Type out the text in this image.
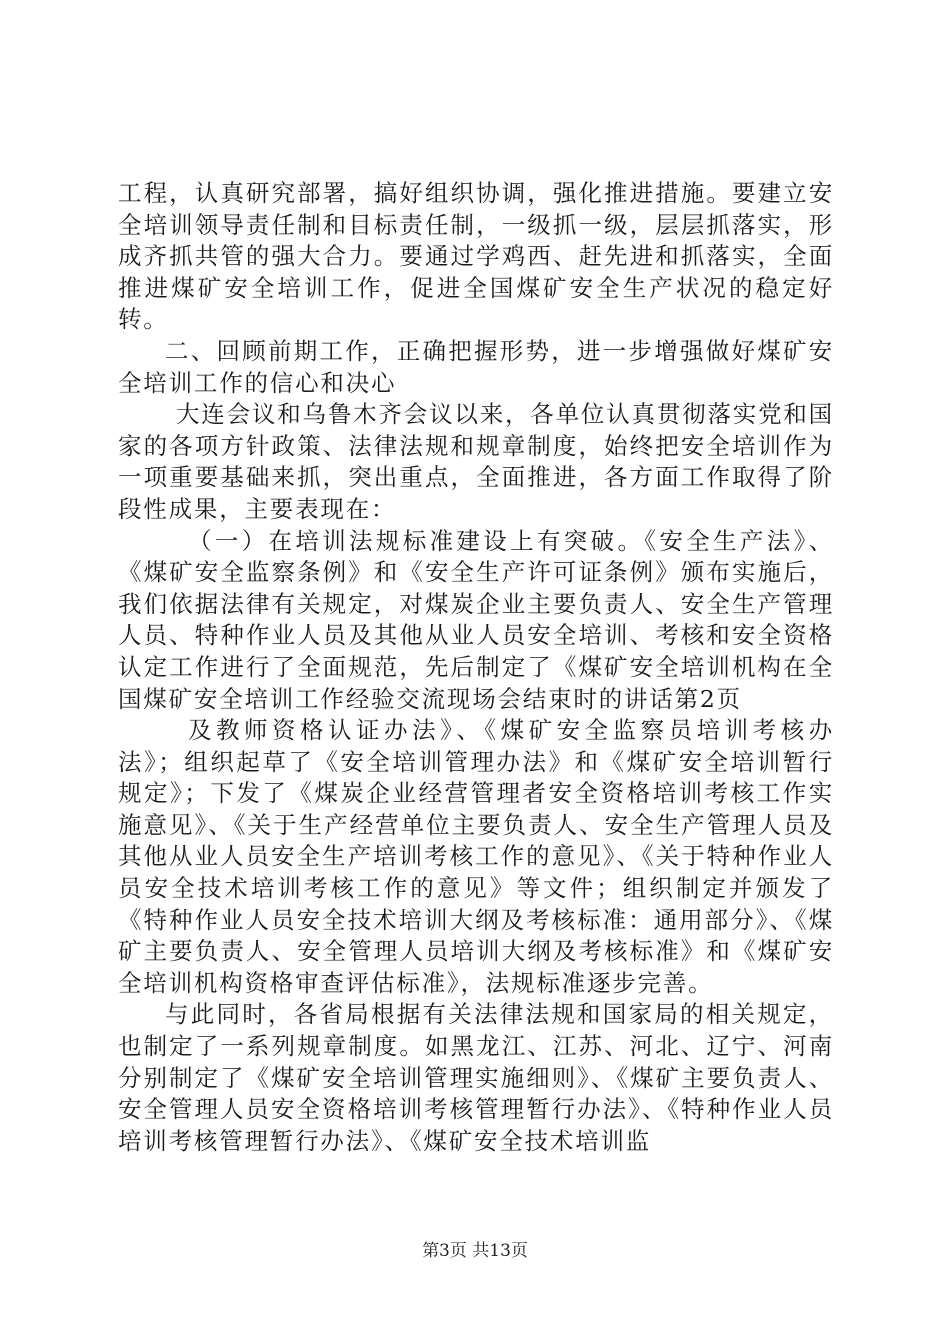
工程，认真研究部署，搞好组织协调，强化推进措施。要建立安全培训领导责任制和目标责任制，一级抓一级，层层抓落实，形成齐抓共管的强大合力。要通过学鸡西、赶先进和抓落实，全面推进煤矿安全培训工作，促进全国煤矿安全生产状况的稳定好转。

二、回顾前期工作，正确把握形势，进一步增强做好煤矿安全培训工作的信心和决心

大连会议和乌鲁木齐会议以来，各单位认真贯彻落实党和国家的各项方针政策、法律法规和规章制度，始终把安全培训作为一项重要基础来抓，突出重点，全面推进，各方面工作取得了阶段性成果，主要表现在：

（一）在培训法规标准建设上有突破。《安全生产法》、《煤矿安全监察条例》和《安全生产许可证条例》颁布实施后，我们依据法律有关规定，对煤炭企业主要负责人、安全生产管理人员、特种作业人员及其他从业人员安全培训、考核和安全资格认定工作进行了全面规范，先后制定了《煤矿安全培训机构在全国煤矿安全培训工作经验交流现场会结束时的讲话第2页

及教师资格认证办法》、《煤矿安全监察员培训考核办法》；组织起草了《安全培训管理办法》和《煤矿安全培训暂行规定》；下发了《煤炭企业经营管理者安全资格培训考核工作实施意见》、《关于生产经营单位主要负责人、安全生产管理人员及其他从业人员安全生产培训考核工作的意见》、《关于特种作业人员安全技术培训考核工作的意见》等文件；组织制定并颁发了《特种作业人员安全技术培训大纲及考核标准：通用部分》、《煤矿主要负责人、安全管理人员培训大纲及考核标准》和《煤矿安全培训机构资格审查评估标准》，法规标准逐步完善。

与此同时，各省局根据有关法律法规和国家局的相关规定，也制定了一系列规章制度。如黑龙江、江苏、河北、辽宁、河南分别制定了《煤矿安全培训管理实施细则》、《煤矿主要负责人、安全管理人员安全资格培训考核管理暂行办法》、《特种作业人员培训考核管理暂行办法》、《煤矿安全技术培训监

第3页 共13页
